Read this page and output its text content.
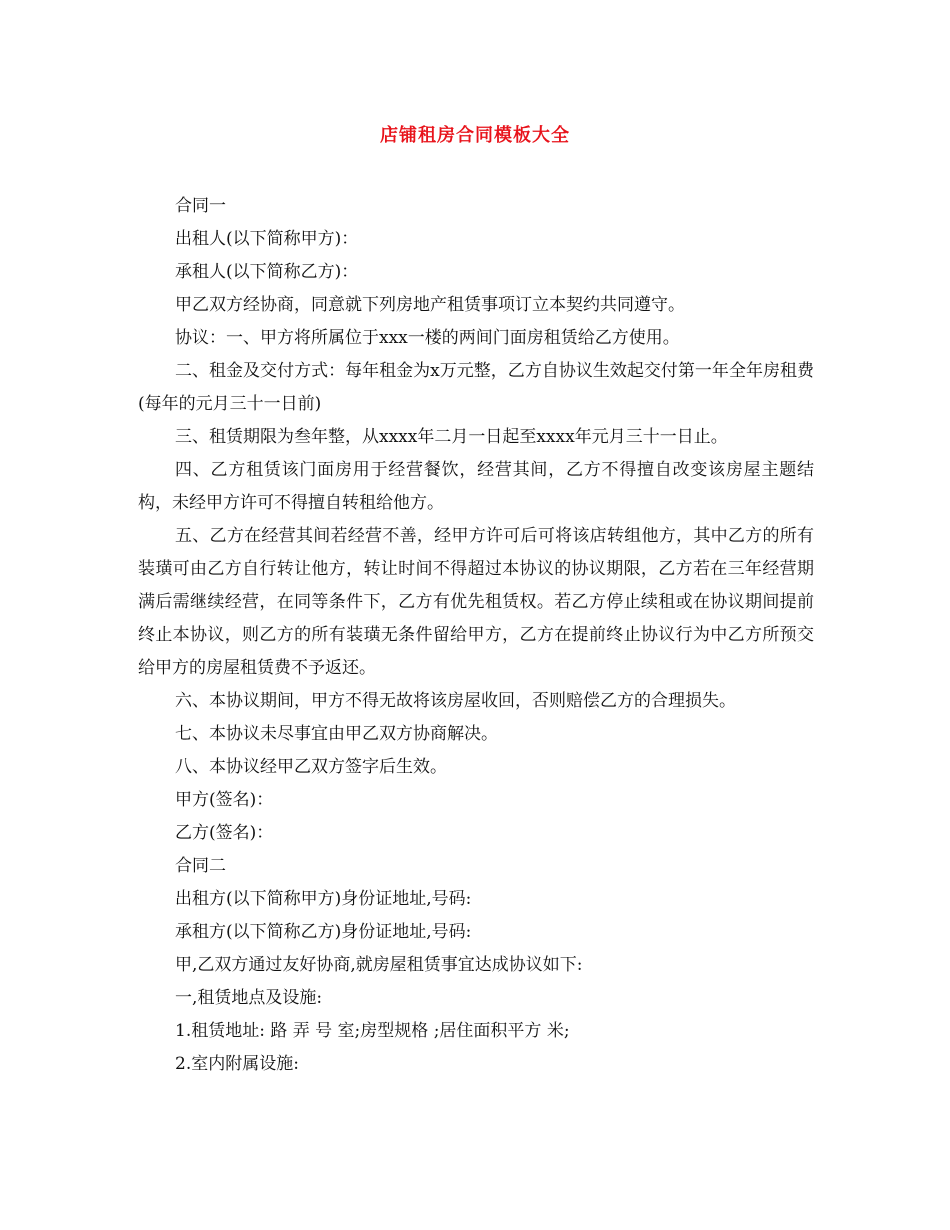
店铺租房合同模板大全

合同一

出租人(以下简称甲方)：

承租人(以下简称乙方)：

甲乙双方经协商，同意就下列房地产租赁事项订立本契约共同遵守。

协议：一、甲方将所属位于xxx一楼的两间门面房租赁给乙方使用。

二、租金及交付方式：每年租金为x万元整，乙方自协议生效起交付第一年全年房租费(每年的元月三十一日前)

三、租赁期限为叁年整，从xxxx年二月一日起至xxxx年元月三十一日止。

四、乙方租赁该门面房用于经营餐饮，经营其间，乙方不得擅自改变该房屋主题结构，未经甲方许可不得擅自转租给他方。

五、乙方在经营其间若经营不善，经甲方许可后可将该店转组他方，其中乙方的所有装璜可由乙方自行转让他方，转让时间不得超过本协议的协议期限，乙方若在三年经营期满后需继续经营，在同等条件下，乙方有优先租赁权。若乙方停止续租或在协议期间提前终止本协议，则乙方的所有装璜无条件留给甲方，乙方在提前终止协议行为中乙方所预交给甲方的房屋租赁费不予返还。

六、本协议期间，甲方不得无故将该房屋收回，否则赔偿乙方的合理损失。

七、本协议未尽事宜由甲乙双方协商解决。

八、本协议经甲乙双方签字后生效。

甲方(签名)：

乙方(签名)：

合同二

出租方(以下简称甲方)身份证地址,号码:

承租方(以下简称乙方)身份证地址,号码:

甲,乙双方通过友好协商,就房屋租赁事宜达成协议如下:

一,租赁地点及设施:

1.租赁地址: 路 弄 号 室;房型规格 ;居住面积平方 米;

2.室内附属设施:
